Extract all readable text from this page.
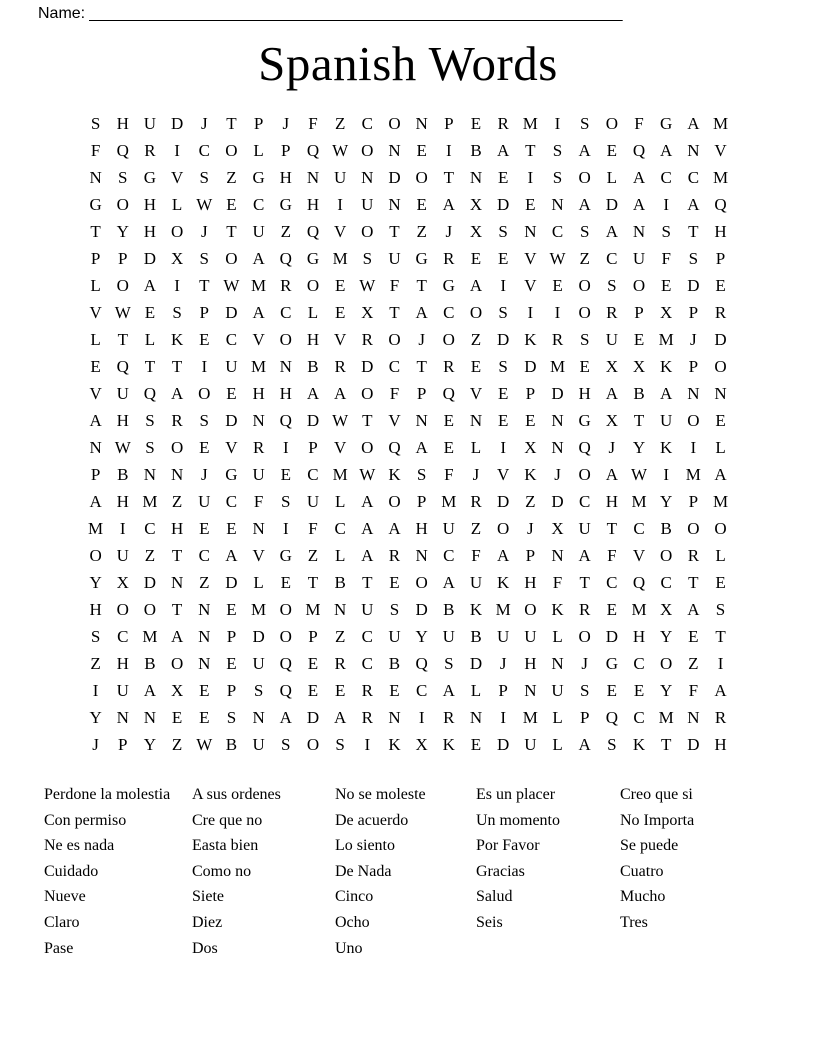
Name: ______________________________________________________________
Spanish Words
S H U D	J	T	P	J	F	Z C O N P	E R M I	S O F G A M
F Q R	I	C O L	P Q W O N E	I	B A T	S A E Q A N V
N S G V S	Z G H N U N D O T N E	I	S O L A C C M
G O H L W E C G H	I	U N E A X D E N A D A	I	A Q
T Y H O	J	T U Z Q V O T Z	J	X S N C S A N S	T H
P	P D X S O A Q G M S U G R E E V W Z C U F	S	P
L O A	I	T W M R O E W F	T G A	I	V E O S O E D E
V W E	S	P D A C L E X T A C O S	I	I	O R P X P R
L T L K E C V O H V R O	J	O Z D K R S U E M J	D
E Q T T	I	U M N B R D C T R E	S D M E X X K P O
V U Q A O E H H A A O F	P Q V E	P D H A B A N N
A H S R S D N Q D W T V N E N E E N G X T U O E
N W S O E V R	I	P V O Q A E L	I	X N Q	J	Y K	I	L
P B N N	J	G U E C M W K S	F	J	V K	J	O A W I M A
A H M Z U C F	S U L A O P M R D Z D C H M Y P M
M I	C H E E N	I	F C A A H U Z O	J	X U T C B O O
O U Z T C A V G Z L A R N C F A P N A F V O R L
Y X D N Z D L E T B T E O A U K H F	T C Q C T E
H O O T N E M O M N U S D B K M O K R E M X A S
S C M A N P D O P	Z C U Y U B U U L O D H Y E T
Z H B O N E U Q E R C B Q S D	J	H N	J	G C O Z	I
I	U A X E	P	S Q E E R E C A L	P N U S	E E Y F A
Y N N E E	S N A D A R N	I	R N	I M L	P Q C M N R
J	P Y Z W B U S O S	I	K X K E D U L A S K T D H
Perdone la molestia
Con permiso
Ne es nada
Cuidado
Nueve
Claro
Pase
A sus ordenes
Cre que no
Easta bien
Como no
Siete
Diez
Dos
No se moleste
De acuerdo
Lo siento
De Nada
Cinco
Ocho
Uno
Es un placer
Un momento
Por Favor
Gracias
Salud
Seis
Creo que si
No Importa
Se puede
Cuatro
Mucho
Tres
